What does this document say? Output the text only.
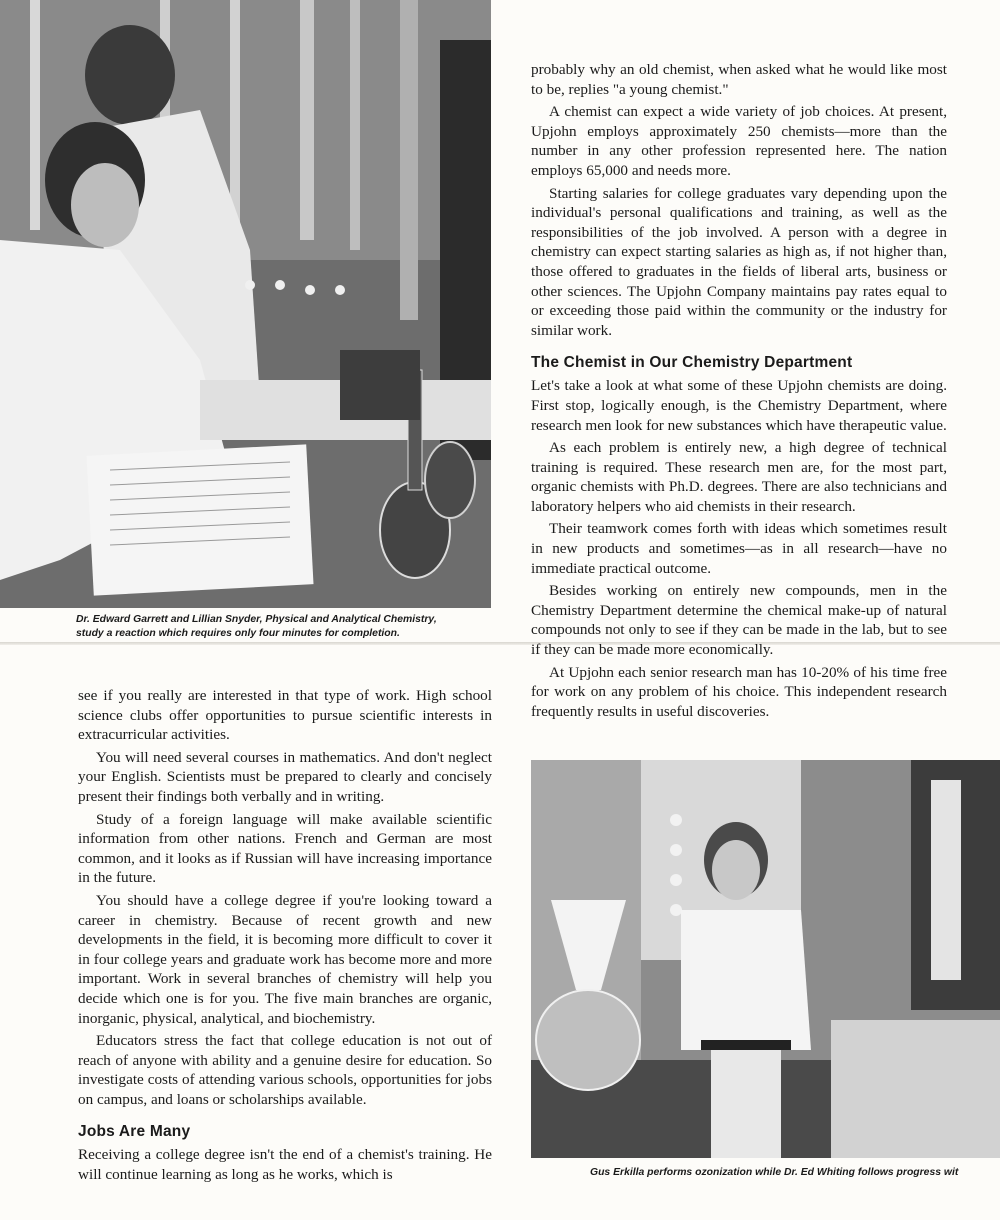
Dr. Edward Garrett and Lillian Snyder, Physical and Analytical Chemistry,
study a reaction which requires only four minutes for completion.

see if you really are interested in that type of work. High school science clubs offer opportunities to pursue scientific interests in extracurricular activities.

You will need several courses in mathematics. And don't neglect your English. Scientists must be prepared to clearly and concisely present their findings both verbally and in writing.

Study of a foreign language will make available scientific information from other nations. French and German are most common, and it looks as if Russian will have increasing importance in the future.

You should have a college degree if you're looking toward a career in chemistry. Because of recent growth and new developments in the field, it is becoming more difficult to cover it in four college years and graduate work has become more and more important. Work in several branches of chemistry will help you decide which one is for you. The five main branches are organic, inorganic, physical, analytical, and biochemistry.

Educators stress the fact that college education is not out of reach of anyone with ability and a genuine desire for education. So investigate costs of attending various schools, opportunities for jobs on campus, and loans or scholarships available.

Jobs Are Many

Receiving a college degree isn't the end of a chemist's training. He will continue learning as long as he works, which is

probably why an old chemist, when asked what he would like most to be, replies "a young chemist."

A chemist can expect a wide variety of job choices. At present, Upjohn employs approximately 250 chemists—more than the number in any other profession represented here. The nation employs 65,000 and needs more.

Starting salaries for college graduates vary depending upon the individual's personal qualifications and training, as well as the responsibilities of the job involved. A person with a degree in chemistry can expect starting salaries as high as, if not higher than, those offered to graduates in the fields of liberal arts, business or other sciences. The Upjohn Company maintains pay rates equal to or exceeding those paid within the community or the industry for similar work.

The Chemist in Our Chemistry Department

Let's take a look at what some of these Upjohn chemists are doing. First stop, logically enough, is the Chemistry Department, where research men look for new substances which have therapeutic value.

As each problem is entirely new, a high degree of technical training is required. These research men are, for the most part, organic chemists with Ph.D. degrees. There are also technicians and laboratory helpers who aid chemists in their research.

Their teamwork comes forth with ideas which sometimes result in new products and sometimes—as in all research—have no immediate practical outcome.

Besides working on entirely new compounds, men in the Chemistry Department determine the chemical make-up of natural compounds not only to see if they can be made in the lab, but to see if they can be made more economically.

At Upjohn each senior research man has 10-20% of his time free for work on any problem of his choice. This independent research frequently results in useful discoveries.

Gus Erkilla performs ozonization while Dr. Ed Whiting follows progress wit
